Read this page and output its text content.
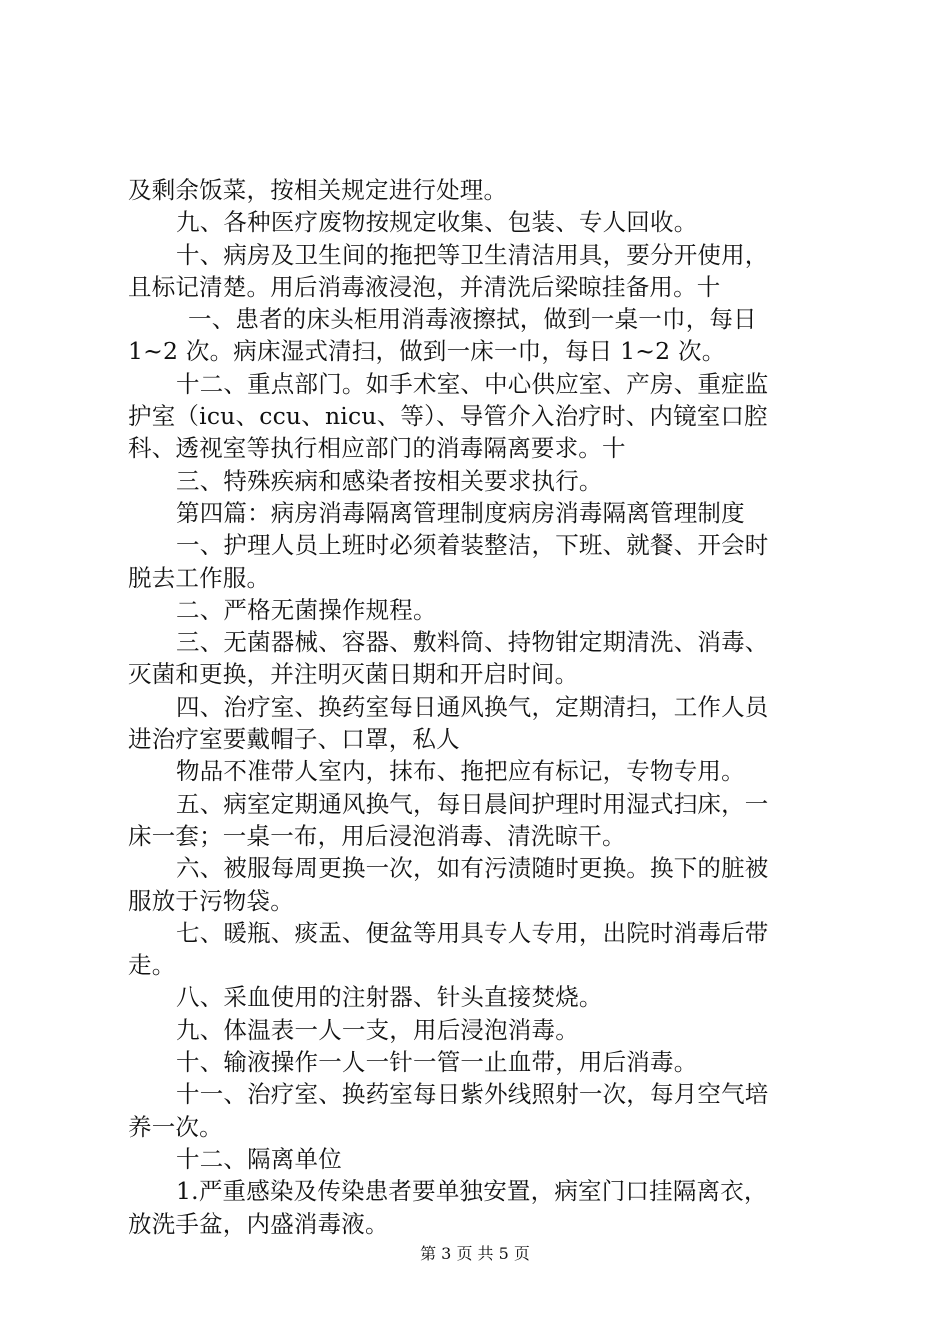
及剩余饭菜，按相关规定进行处理。
九、各种医疗废物按规定收集、包装、专人回收。
十、病房及卫生间的拖把等卫生清洁用具，要分开使用，
且标记清楚。用后消毒液浸泡，并清洗后梁晾挂备用。十
一、患者的床头柜用消毒液擦拭，做到一桌一巾，每日
1~2 次。病床湿式清扫，做到一床一巾，每日 1~2 次。
十二、重点部门。如手术室、中心供应室、产房、重症监
护室（icu、ccu、nicu、等）、导管介入治疗时、内镜室口腔
科、透视室等执行相应部门的消毒隔离要求。十
三、特殊疾病和感染者按相关要求执行。
第四篇：病房消毒隔离管理制度病房消毒隔离管理制度
一、护理人员上班时必须着装整洁，下班、就餐、开会时
脱去工作服。
二、严格无菌操作规程。
三、无菌器械、容器、敷料筒、持物钳定期清洗、消毒、
灭菌和更换，并注明灭菌日期和开启时间。
四、治疗室、换药室每日通风换气，定期清扫，工作人员
进治疗室要戴帽子、口罩，私人
物品不准带人室内，抹布、拖把应有标记，专物专用。
五、病室定期通风换气，每日晨间护理时用湿式扫床，一
床一套；一桌一布，用后浸泡消毒、清洗晾干。
六、被服每周更换一次，如有污渍随时更换。换下的脏被
服放于污物袋。
七、暖瓶、痰盂、便盆等用具专人专用，出院时消毒后带
走。
八、采血使用的注射器、针头直接焚烧。
九、体温表一人一支，用后浸泡消毒。
十、输液操作一人一针一管一止血带，用后消毒。
十一、治疗室、换药室每日紫外线照射一次，每月空气培
养一次。
十二、隔离单位
1.严重感染及传染患者要单独安置，病室门口挂隔离衣，
放洗手盆，内盛消毒液。
第 3 页 共 5 页
